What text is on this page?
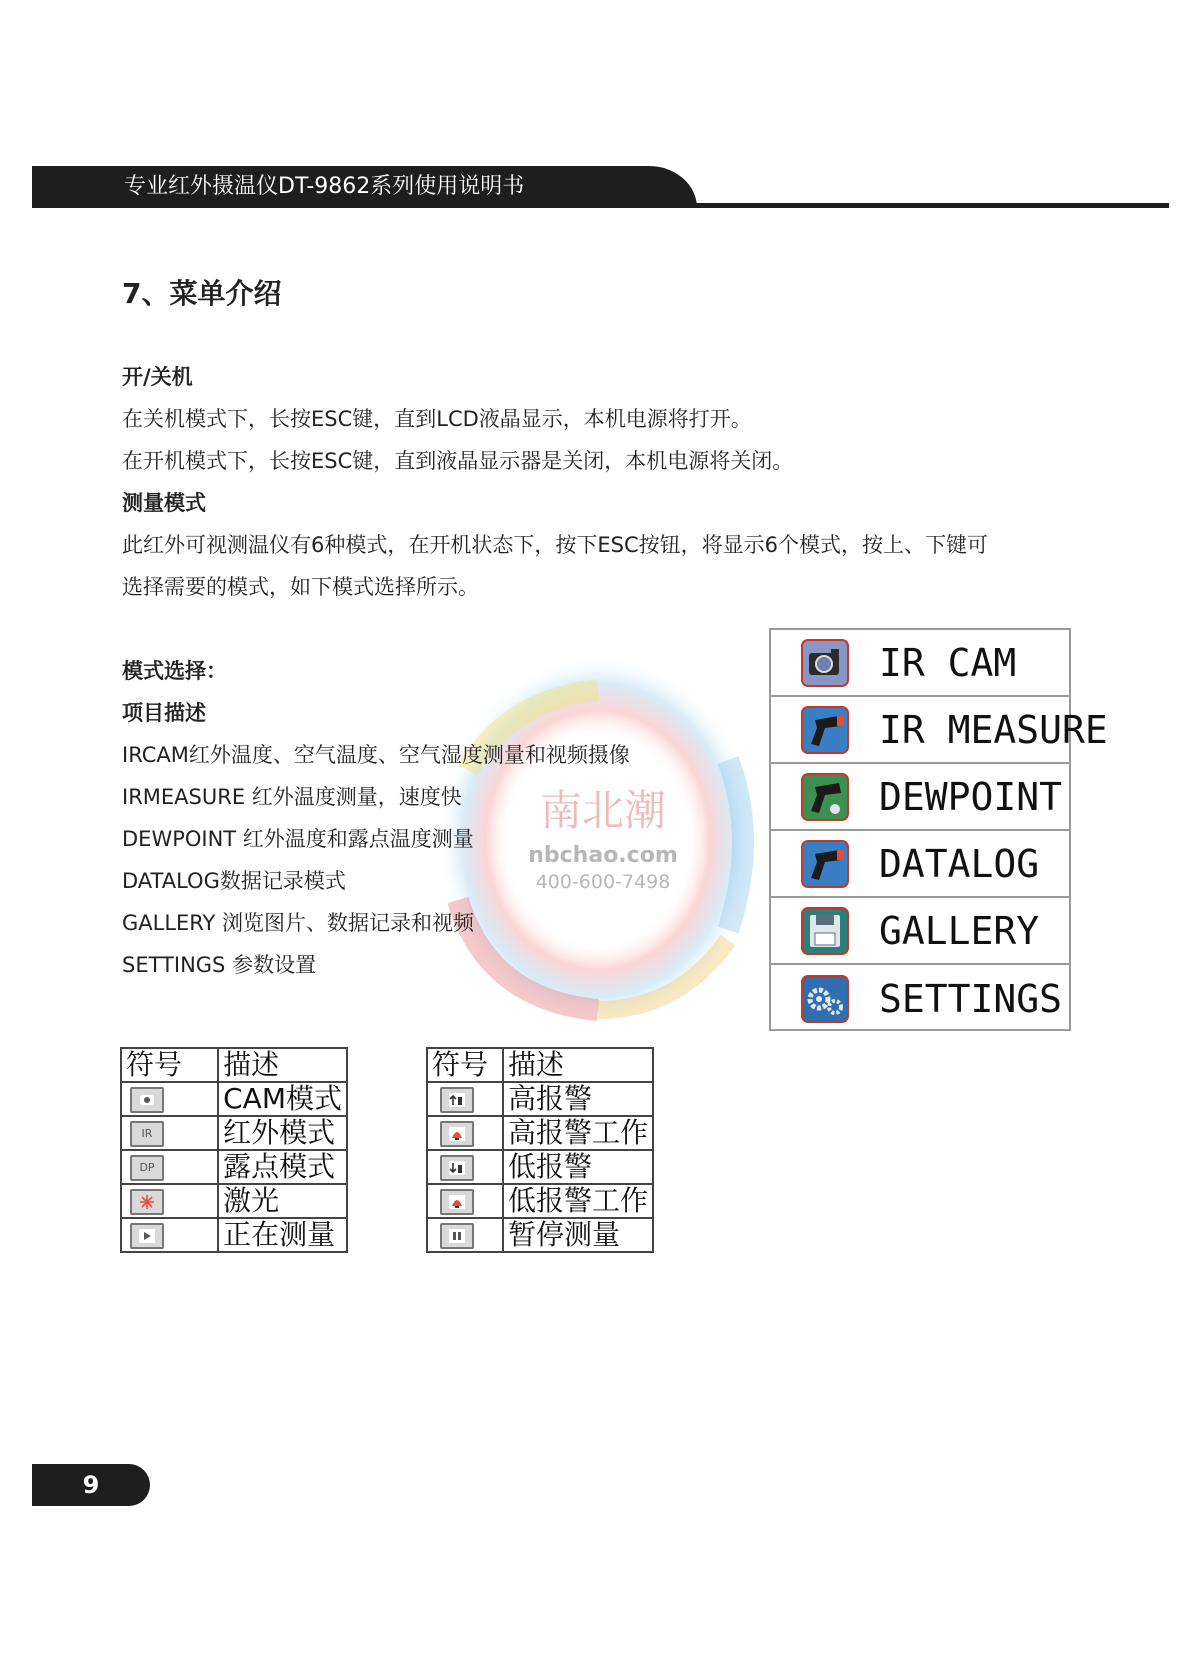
专业红外摄温仪DT-9862系列使用说明书
7、菜单介绍

开/关机

在关机模式下，长按ESC键，直到LCD液晶显示，本机电源将打开。

在开机模式下，长按ESC键，直到液晶显示器是关闭，本机电源将关闭。

测量模式

此红外可视测温仪有6种模式，在开机状态下，按下ESC按钮，将显示6个模式，按上、下键可

选择需要的模式，如下模式选择所示。

南北潮
nbchao.com
400-600-7498

模式选择：

项目描述

IRCAM红外温度、空气温度、空气湿度测量和视频摄像

IRMEASURE 红外温度测量，速度快

DEWPOINT 红外温度和露点温度测量

DATALOG数据记录模式

GALLERY 浏览图片、数据记录和视频

SETTINGS 参数设置

IR CAM
IR MEASURE
DEWPOINT
DATALOG
GALLERY
SETTINGS
符号	描述
	CAM模式
IR	红外模式
DP	露点模式
	激光
	正在测量
符号	描述
	高报警
	高报警工作
	低报警
	低报警工作
	暂停测量
9
